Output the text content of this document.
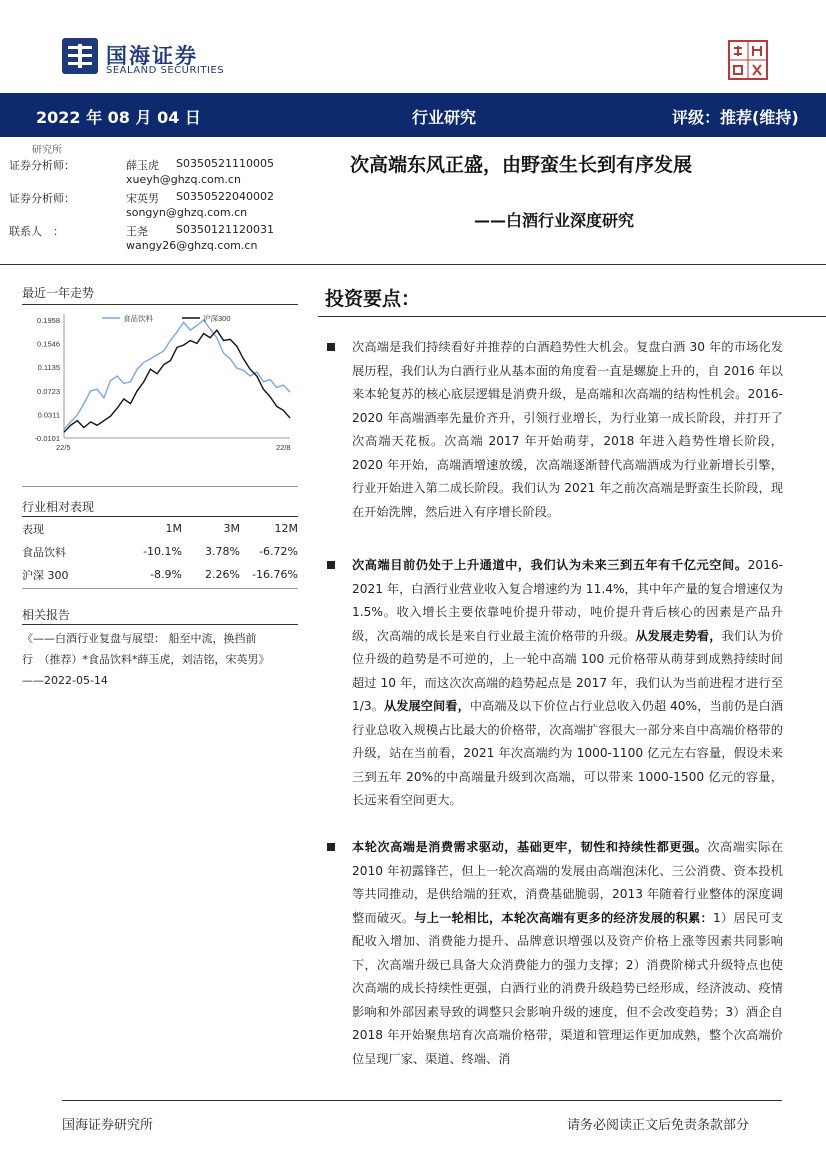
国海证券
SEALAND SECURITIES
2022 年 08 月 04 日	行业研究	评级：推荐(维持)
研究所
证券分析师：	薛玉虎 S0350521110005
xueyh@ghzq.com.cn
证券分析师：	宋英男 S0350522040002
songyn@ghzq.com.cn
联系人　：	王尧	S0350121120031
wangy26@ghzq.com.cn
最近一年走势
0.1958
0.1546
0.1135
0.0723
0.0311
-0.0101
22/5	22/8
食品饮料	沪深300
行业相对表现
表现	1M	3M	12M
食品饮料	-10.1%	3.78%	-6.72%
沪深 300	-8.9%	2.26%	-16.76%
相关报告
《——白酒行业复盘与展望： 船至中流，换挡前
行　（推荐）*食品饮料*薛玉虎，刘洁铭，宋英男》
——2022-05-14
次高端东风正盛，由野蛮生长到有序发展
——白酒行业深度研究
投资要点：
次高端是我们持续看好并推荐的白酒趋势性大机会。复盘白酒 30 年的市场化发展历程，我们认为白酒行业从基本面的角度看一直是螺旋上升的，自 2016 年以来本轮复苏的核心底层逻辑是消费升级，是高端和次高端的结构性机会。2016-2020 年高端酒率先量价齐升，引领行业增长，为行业第一成长阶段，并打开了次高端天花板。次高端 2017 年开始萌芽，2018 年进入趋势性增长阶段，2020 年开始，高端酒增速放缓，次高端逐渐替代高端酒成为行业新增长引擎，行业开始进入第二成长阶段。我们认为 2021 年之前次高端是野蛮生长阶段，现在开始洗牌，然后进入有序增长阶段。
次高端目前仍处于上升通道中，我们认为未来三到五年有千亿元空间。2016-2021 年，白酒行业营业收入复合增速约为 11.4%，其中年产量的复合增速仅为 1.5%。收入增长主要依靠吨价提升带动，吨价提升背后核心的因素是产品升级，次高端的成长是来自行业最主流价格带的升级。从发展走势看，我们认为价位升级的趋势是不可逆的，上一轮中高端 100 元价格带从萌芽到成熟持续时间超过 10 年，而这次次高端的趋势起点是 2017 年，我们认为当前进程才进行至 1/3。从发展空间看，中高端及以下价位占行业总收入仍超 40%，当前仍是白酒行业总收入规模占比最大的价格带，次高端扩容很大一部分来自中高端价格带的升级，站在当前看，2021 年次高端约为 1000-1100 亿元左右容量，假设未来三到五年 20%的中高端量升级到次高端，可以带来 1000-1500 亿元的容量，长远来看空间更大。
本轮次高端是消费需求驱动，基础更牢，韧性和持续性都更强。次高端实际在 2010 年初露锋芒，但上一轮次高端的发展由高端泡沫化、三公消费、资本投机等共同推动，是供给端的狂欢，消费基础脆弱，2013 年随着行业整体的深度调整而破灭。与上一轮相比，本轮次高端有更多的经济发展的积累：1）居民可支配收入增加、消费能力提升、品牌意识增强以及资产价格上涨等因素共同影响下，次高端升级已具备大众消费能力的强力支撑；2）消费阶梯式升级特点也使次高端的成长持续性更强，白酒行业的消费升级趋势已经形成，经济波动、疫情影响和外部因素导致的调整只会影响升级的速度，但不会改变趋势；3）酒企自 2018 年开始聚焦培育次高端价格带，渠道和管理运作更加成熟，整个次高端价位呈现厂家、渠道、终端、消
国海证券研究所	请务必阅读正文后免责条款部分
